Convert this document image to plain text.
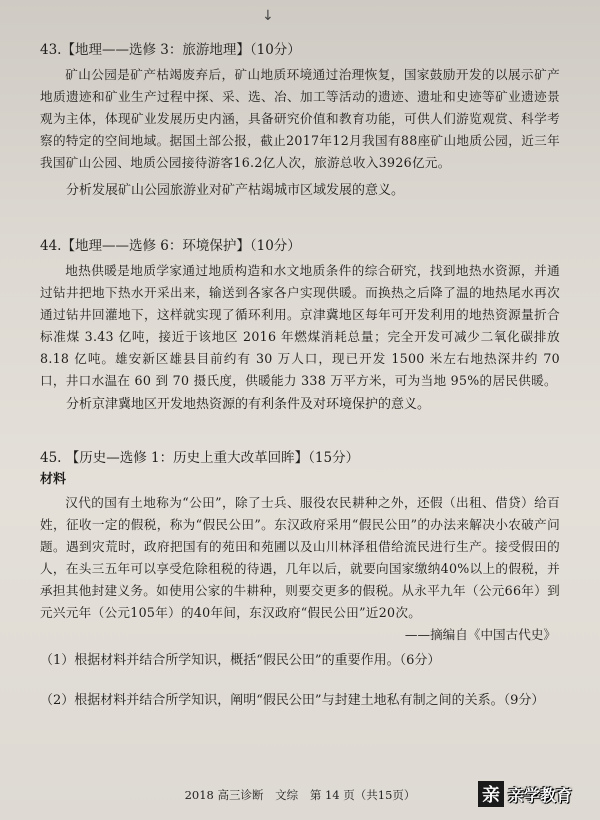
↓

43.【地理——选修 3：旅游地理】（10分）

矿山公园是矿产枯竭废弃后，矿山地质环境通过治理恢复，国家鼓励开发的以展示矿产地质遗迹和矿业生产过程中探、采、选、冶、加工等活动的遗迹、遗址和史迹等矿业遗迹景观为主体，体现矿业发展历史内涵，具备研究价值和教育功能，可供人们游览观赏、科学考察的特定的空间地域。据国土部公报，截止2017年12月我国有88座矿山地质公园，近三年我国矿山公园、地质公园接待游客16.2亿人次，旅游总收入3926亿元。

分析发展矿山公园旅游业对矿产枯竭城市区域发展的意义。

44.【地理——选修 6：环境保护】（10分）

地热供暖是地质学家通过地质构造和水文地质条件的综合研究，找到地热水资源，并通过钻井把地下热水开采出来，输送到各家各户实现供暖。而换热之后降了温的地热尾水再次通过钻井回灌地下，这样就实现了循环利用。京津冀地区每年可开发利用的地热资源量折合标准煤 3.43 亿吨，接近于该地区 2016 年燃煤消耗总量；完全开发可减少二氧化碳排放 8.18 亿吨。雄安新区雄县目前约有 30 万人口，现已开发 1500 米左右地热深井约 70 口，井口水温在 60 到 70 摄氏度，供暖能力 338 万平方米，可为当地 95%的居民供暖。

分析京津冀地区开发地热资源的有利条件及对环境保护的意义。

45. 【历史—选修 1：历史上重大改革回眸】（15分）

材料

汉代的国有土地称为“公田”，除了士兵、服役农民耕种之外，还假（出租、借贷）给百姓，征收一定的假税，称为“假民公田”。东汉政府采用“假民公田”的办法来解决小农破产问题。遇到灾荒时，政府把国有的苑田和苑圃以及山川林泽租借给流民进行生产。接受假田的人，在头三五年可以享受危除租税的待遇，几年以后，就要向国家缴纳40%以上的假税，并承担其他封建义务。如使用公家的牛耕种，则要交更多的假税。从永平九年（公元66年）到元兴元年（公元105年）的40年间，东汉政府“假民公田”近20次。

——摘编自《中国古代史》

（1）根据材料并结合所学知识，概括“假民公田”的重要作用。（6分）

（2）根据材料并结合所学知识，阐明“假民公田”与封建土地私有制之间的关系。（9分）

2018 高三诊断 文综 第 14 页（共15页）	亲 亲学教育
